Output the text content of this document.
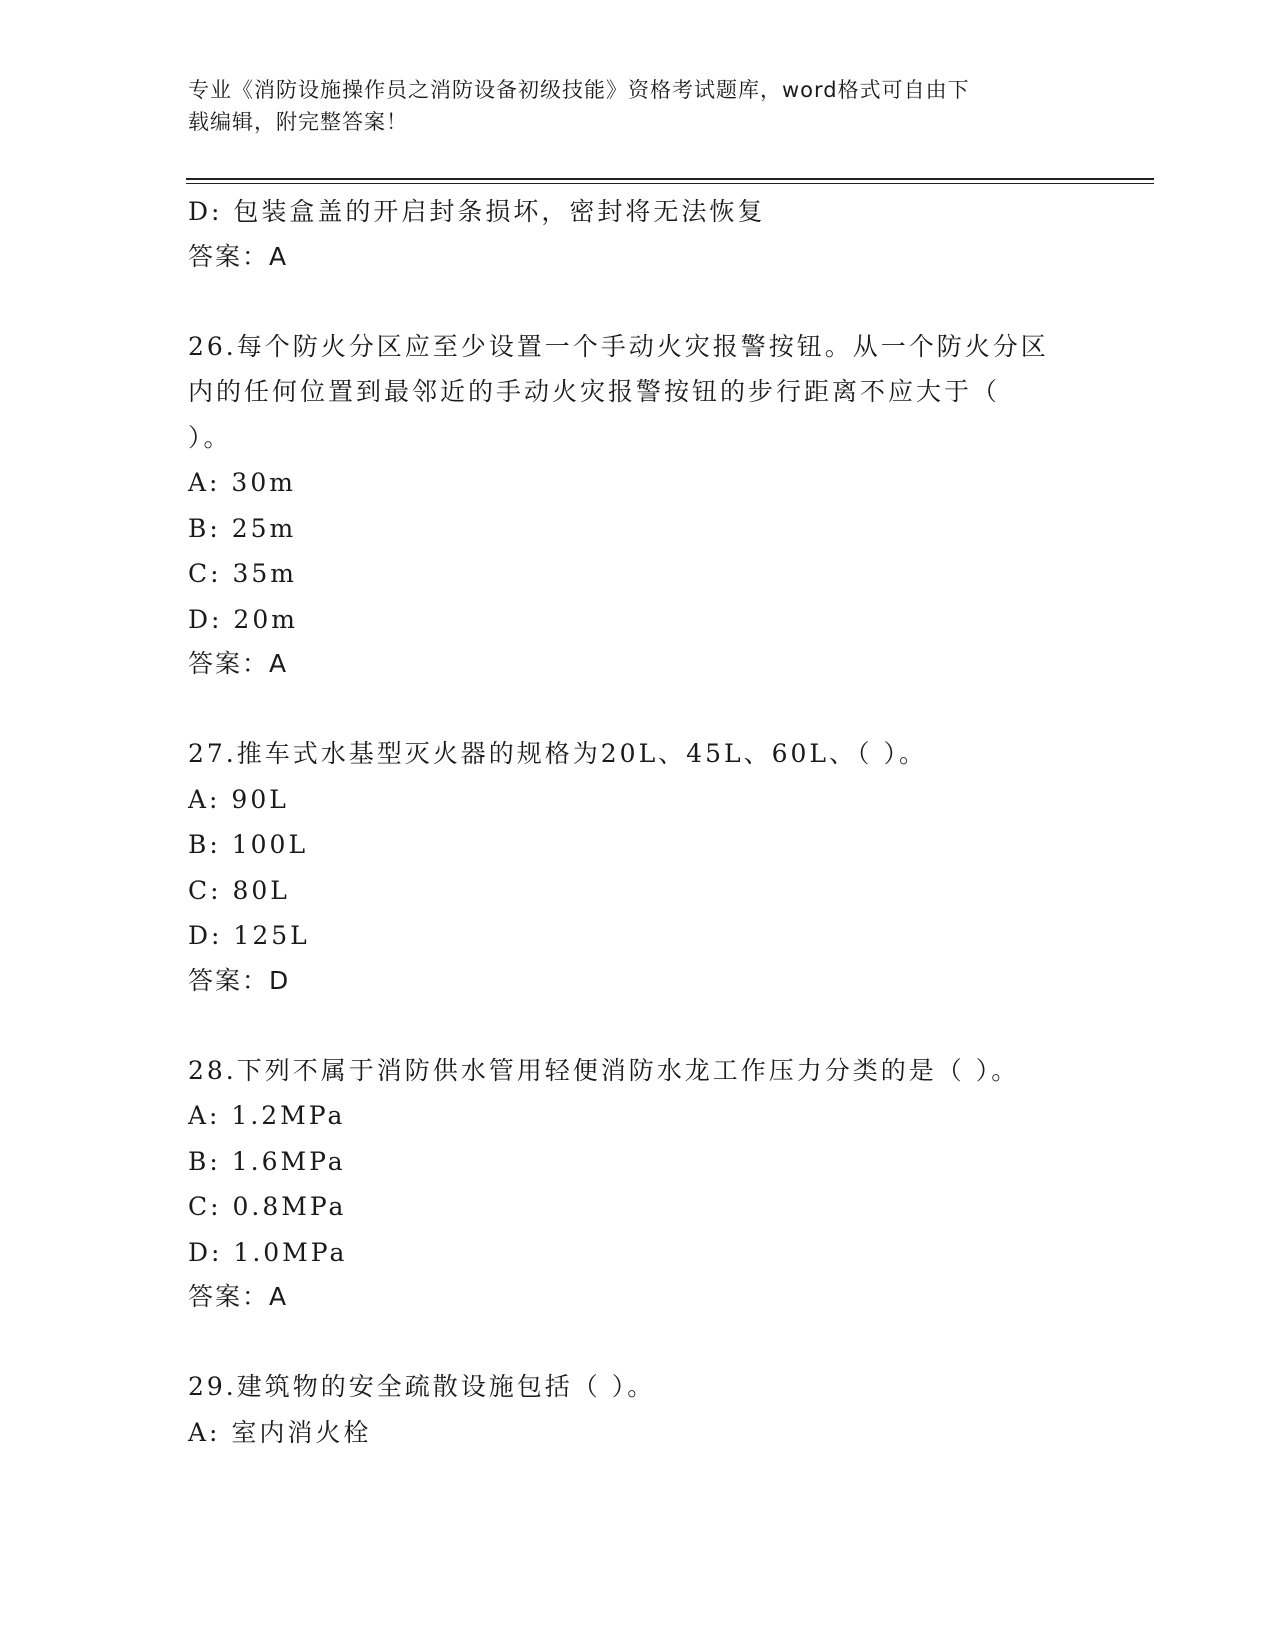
专业《消防设施操作员之消防设备初级技能》资格考试题库，word格式可自由下
载编辑，附完整答案！
D: 包装盒盖的开启封条损坏，密封将无法恢复
答案：A
26.每个防火分区应至少设置一个手动火灾报警按钮。从一个防火分区
内的任何位置到最邻近的手动火灾报警按钮的步行距离不应大于（
）。
A: 30m
B: 25m
C: 35m
D: 20m
答案：A
27.推车式水基型灭火器的规格为20L、45L、60L、（ ）。
A: 90L
B: 100L
C: 80L
D: 125L
答案：D
28.下列不属于消防供水管用轻便消防水龙工作压力分类的是（ ）。
A: 1.2MPa
B: 1.6MPa
C: 0.8MPa
D: 1.0MPa
答案：A
29.建筑物的安全疏散设施包括（ ）。
A: 室内消火栓
